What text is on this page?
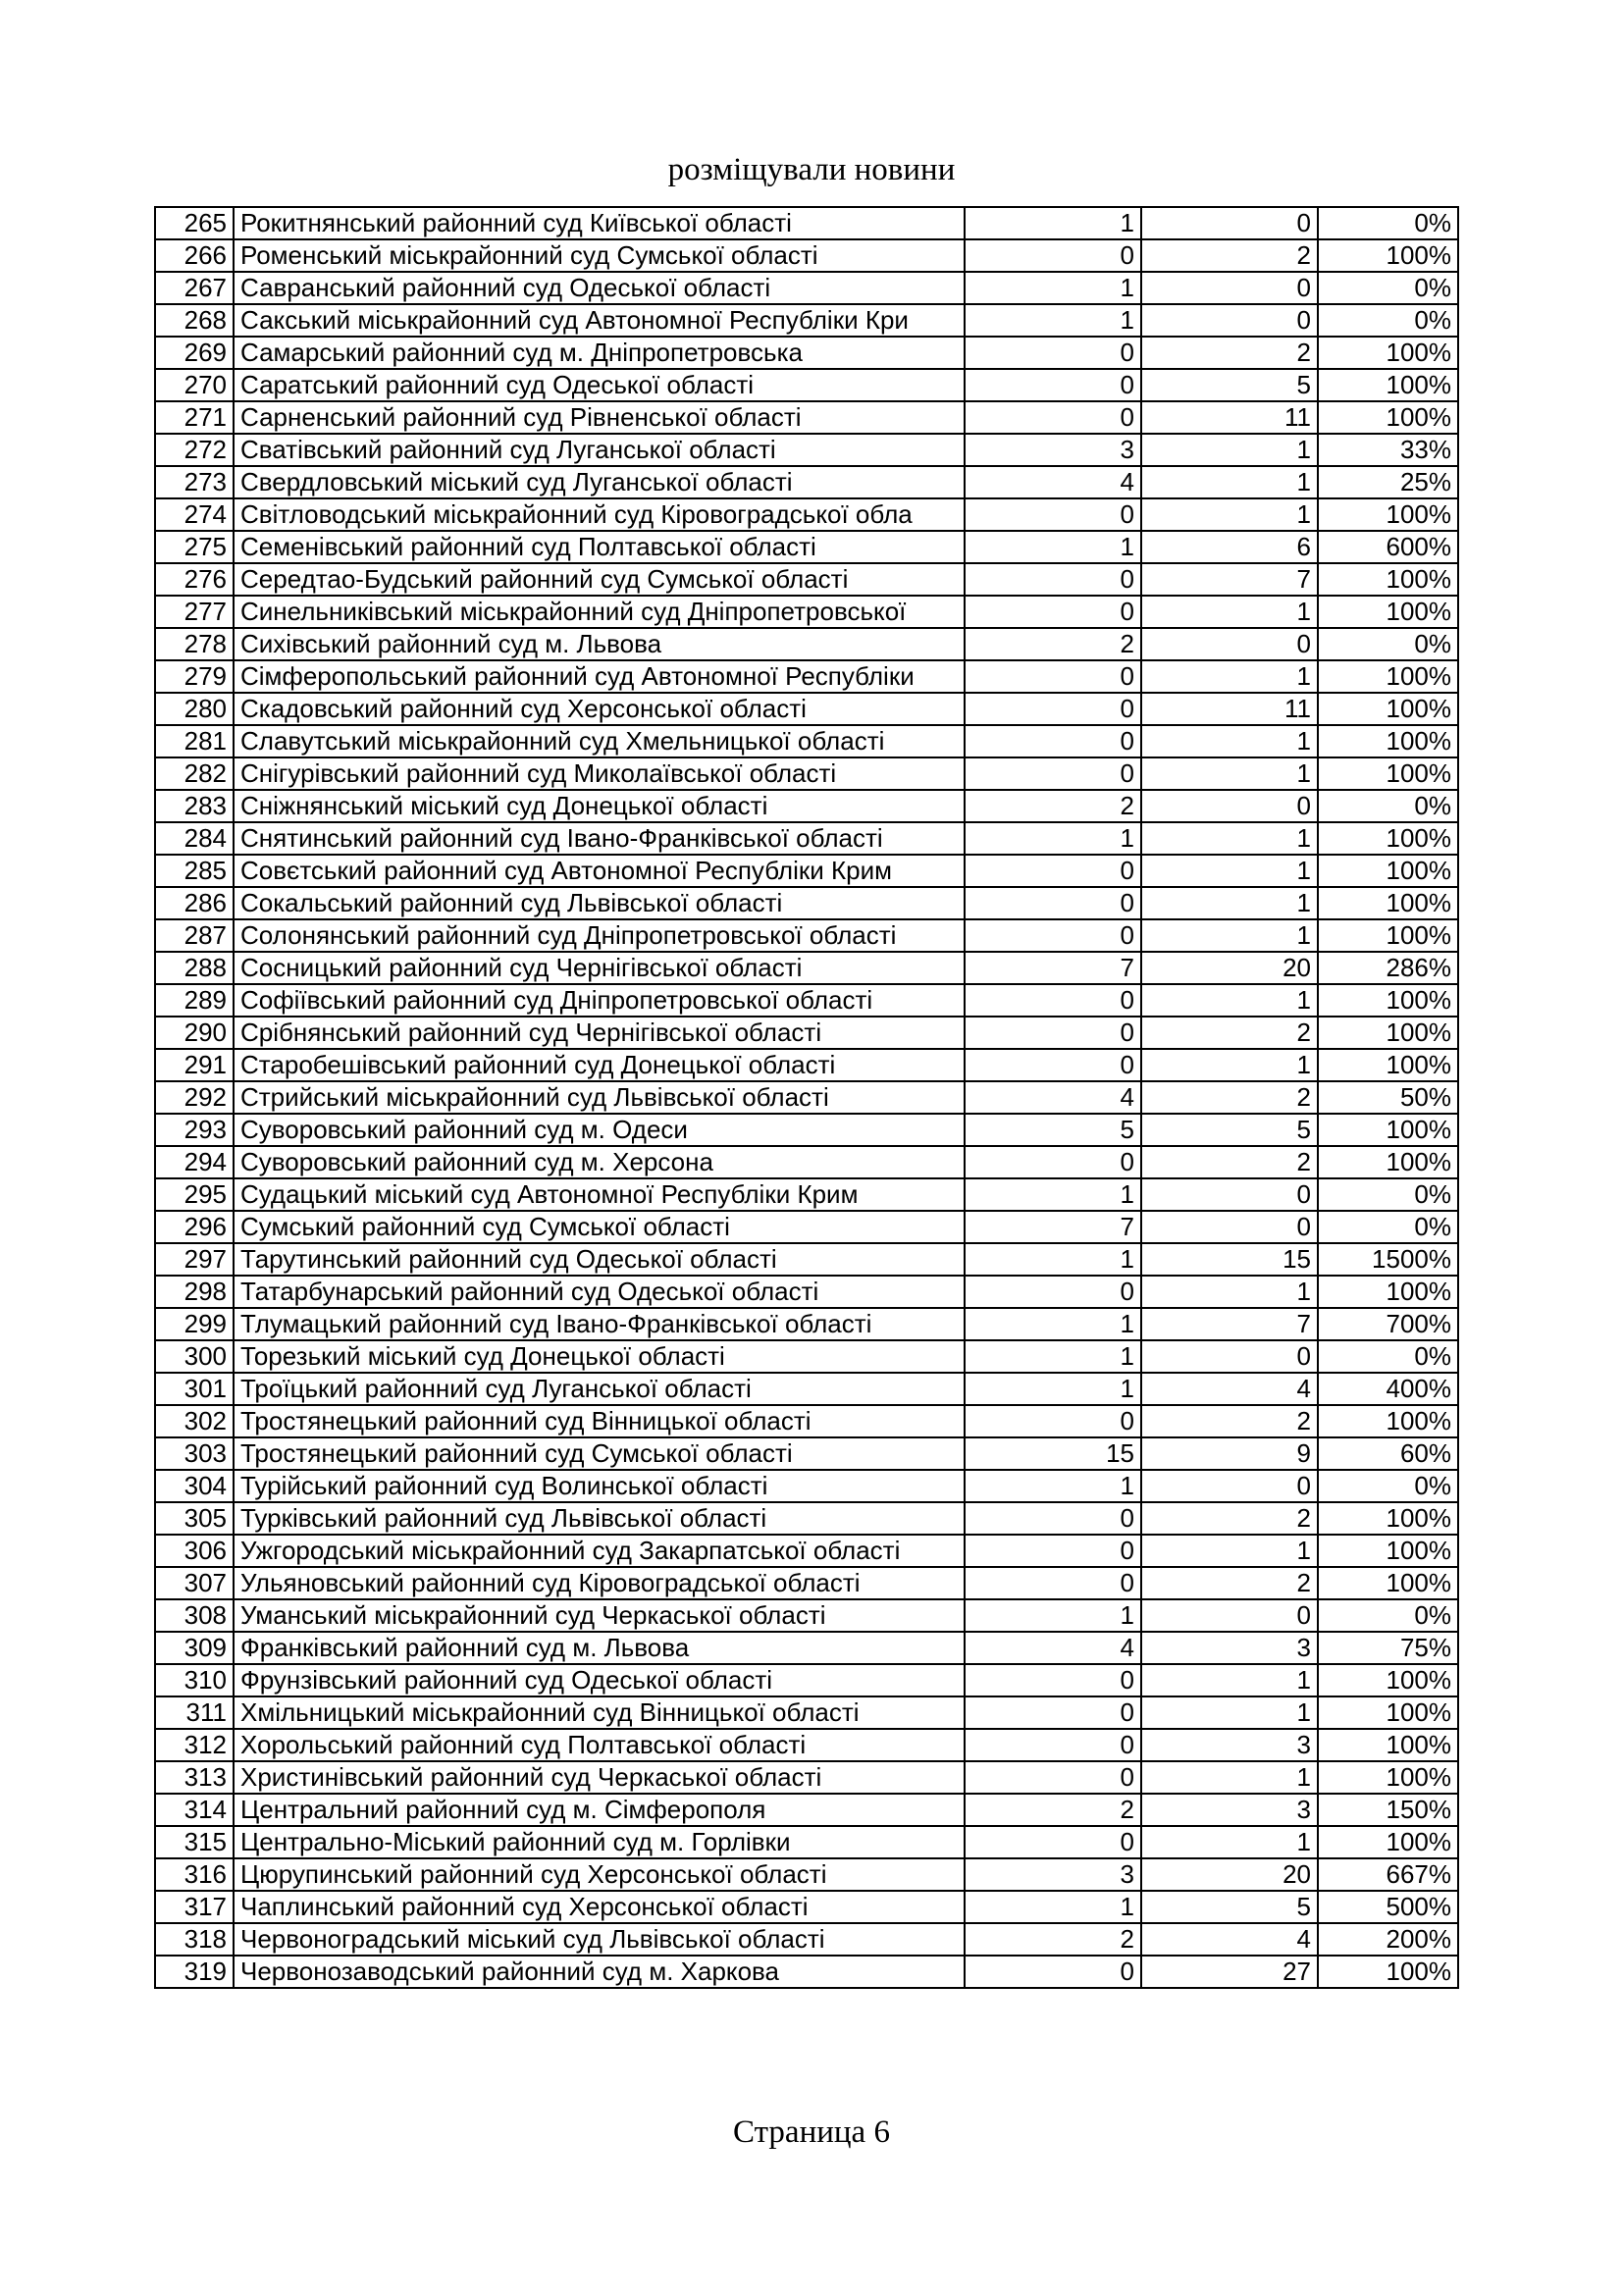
розміщували новини
265	Рокитнянський районний суд Київської області	1	0	0%
266	Роменський міськрайонний суд Сумської області	0	2	100%
267	Савранський районний суд Одеської області	1	0	0%
268	Сакський міськрайонний суд Автономної Республіки Кри	1	0	0%
269	Самарський районний суд м. Дніпропетровська	0	2	100%
270	Саратський районний суд Одеської області	0	5	100%
271	Сарненський районний суд Рівненської області	0	11	100%
272	Сватівський районний суд Луганської області	3	1	33%
273	Свердловський міський суд Луганської області	4	1	25%
274	Світловодський міськрайонний суд Кіровоградської обла	0	1	100%
275	Семенівський районний суд Полтавської області	1	6	600%
276	Середтао-Будський районний суд Сумської області	0	7	100%
277	Синельниківський міськрайонний суд Дніпропетровської	0	1	100%
278	Сихівський районний суд м. Львова	2	0	0%
279	Сімферопольський районний суд Автономної Республіки	0	1	100%
280	Скадовський районний суд Херсонської області	0	11	100%
281	Славутський міськрайонний суд Хмельницької області	0	1	100%
282	Снігурівський районний суд Миколаївської області	0	1	100%
283	Сніжнянський міський суд Донецької області	2	0	0%
284	Снятинський районний суд Івано-Франківської області	1	1	100%
285	Совєтський районний суд Автономної Республіки Крим	0	1	100%
286	Сокальський районний суд Львівської області	0	1	100%
287	Солонянський районний суд Дніпропетровської області	0	1	100%
288	Сосницький районний суд Чернігівської області	7	20	286%
289	Софіївський районний суд Дніпропетровської області	0	1	100%
290	Срібнянський районний суд Чернігівської області	0	2	100%
291	Старобешівський районний суд Донецької області	0	1	100%
292	Стрийський міськрайонний суд Львівської області	4	2	50%
293	Суворовський районний суд м. Одеси	5	5	100%
294	Суворовський районний суд м. Херсона	0	2	100%
295	Судацький міський суд Автономної Республіки Крим	1	0	0%
296	Сумський районний суд Сумської області	7	0	0%
297	Тарутинський районний суд Одеської області	1	15	1500%
298	Татарбунарський районний суд Одеської області	0	1	100%
299	Тлумацький районний суд Івано-Франківської області	1	7	700%
300	Торезький міський суд Донецької області	1	0	0%
301	Троїцький районний суд Луганської області	1	4	400%
302	Тростянецький районний суд Вінницької області	0	2	100%
303	Тростянецький районний суд Сумської області	15	9	60%
304	Турійський районний суд Волинської області	1	0	0%
305	Турківський районний суд Львівської області	0	2	100%
306	Ужгородський міськрайонний суд Закарпатської області	0	1	100%
307	Ульяновський районний суд Кіровоградської області	0	2	100%
308	Уманський міськрайонний суд Черкаської області	1	0	0%
309	Франківський районний суд м. Львова	4	3	75%
310	Фрунзівський районний суд Одеської області	0	1	100%
311	Хмільницький міськрайонний суд Вінницької області	0	1	100%
312	Хорольський районний суд Полтавської області	0	3	100%
313	Христинівський районний суд Черкаської області	0	1	100%
314	Центральний районний суд м. Сімферополя	2	3	150%
315	Центрально-Міський районний суд м. Горлівки	0	1	100%
316	Цюрупинський районний суд Херсонської області	3	20	667%
317	Чаплинський районний суд Херсонської області	1	5	500%
318	Червоноградський міський суд Львівської області	2	4	200%
319	Червонозаводський районний суд м. Харкова	0	27	100%
Страница 6
